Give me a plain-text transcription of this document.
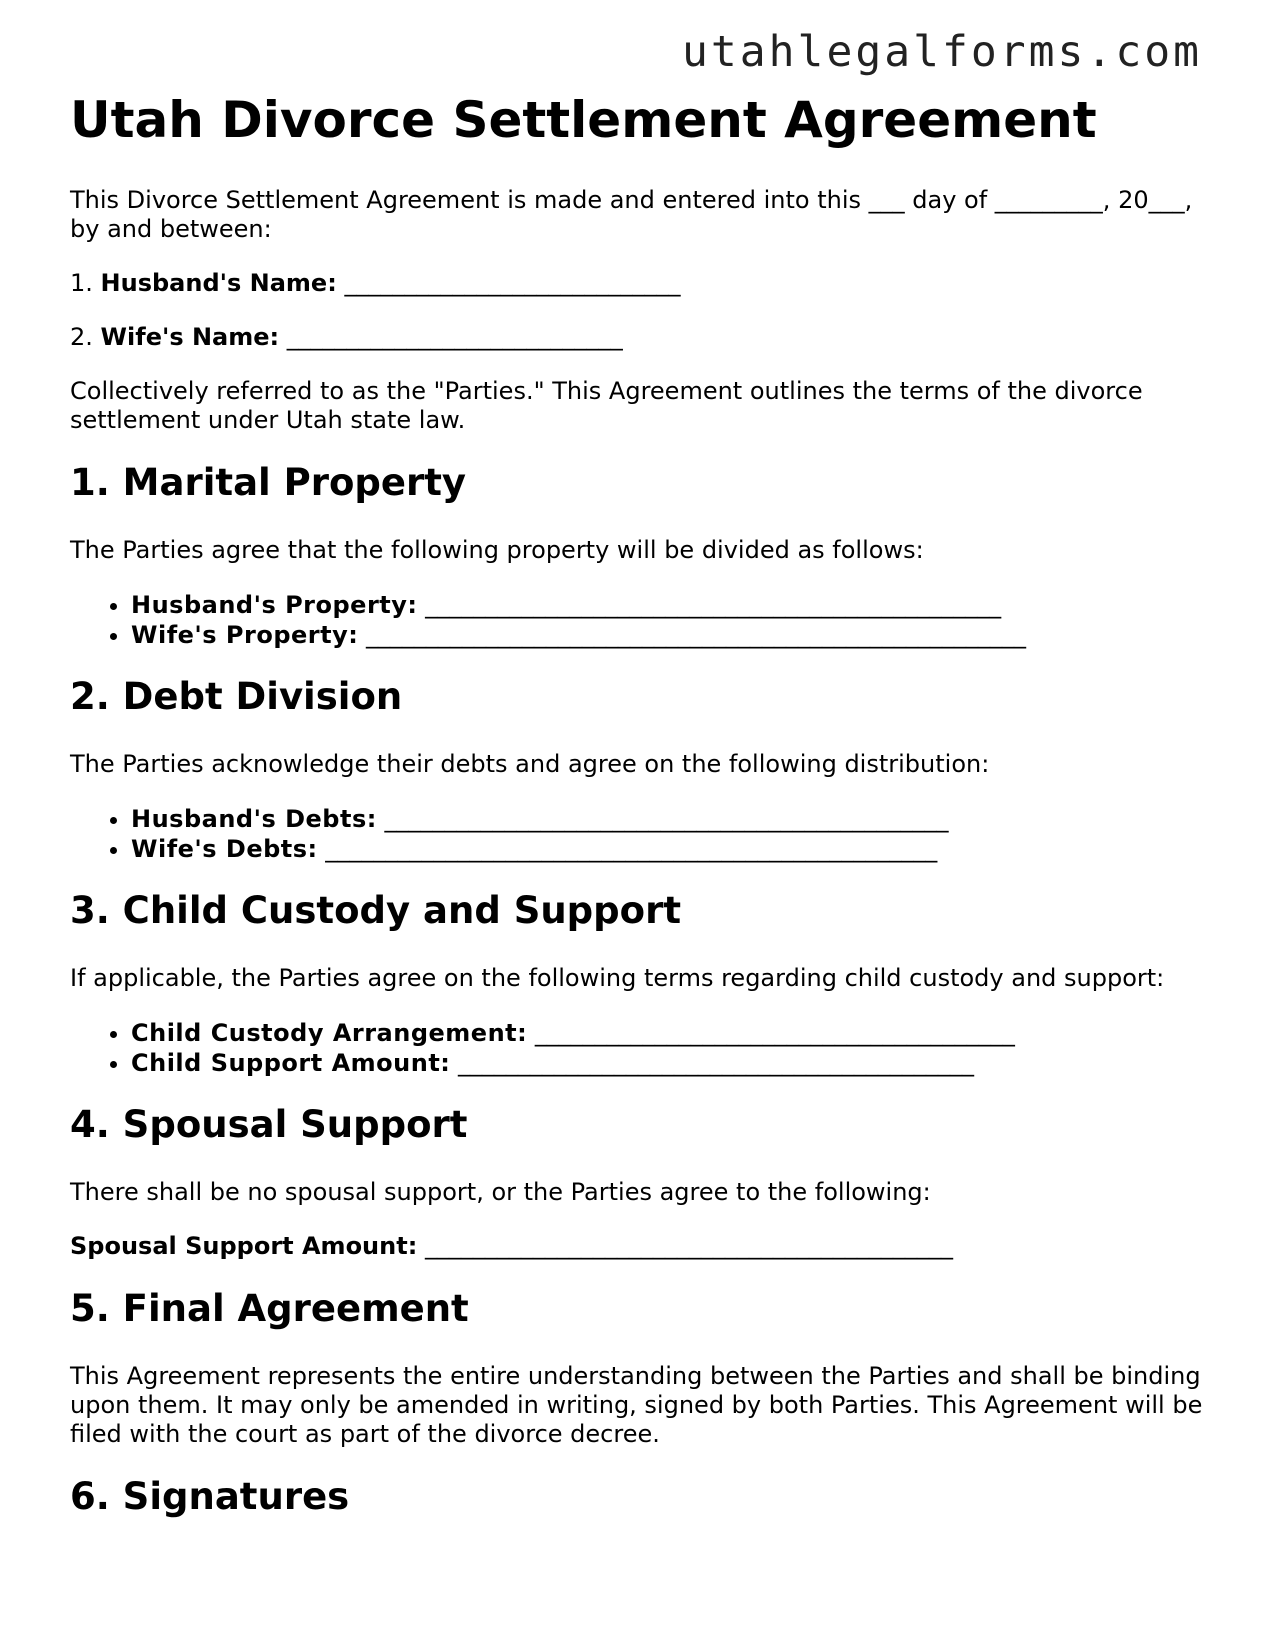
utahlegalforms.com

Utah Divorce Settlement Agreement

This Divorce Settlement Agreement is made and entered into this ___ day of _________, 20___, by and between:

1. Husband's Name: ____________________________

2. Wife's Name: ____________________________

Collectively referred to as the "Parties." This Agreement outlines the terms of the divorce settlement under Utah state law.

1. Marital Property

The Parties agree that the following property will be divided as follows:

• Husband's Property: ________________________________________________
• Wife's Property: _______________________________________________________
2. Debt Division

The Parties acknowledge their debts and agree on the following distribution:

• Husband's Debts: _______________________________________________
• Wife's Debts: ___________________________________________________
3. Child Custody and Support

If applicable, the Parties agree on the following terms regarding child custody and support:

• Child Custody Arrangement: ________________________________________
• Child Support Amount: ___________________________________________
4. Spousal Support

There shall be no spousal support, or the Parties agree to the following:

Spousal Support Amount: ____________________________________________

5. Final Agreement

This Agreement represents the entire understanding between the Parties and shall be binding upon them. It may only be amended in writing, signed by both Parties. This Agreement will be filed with the court as part of the divorce decree.

6. Signatures
